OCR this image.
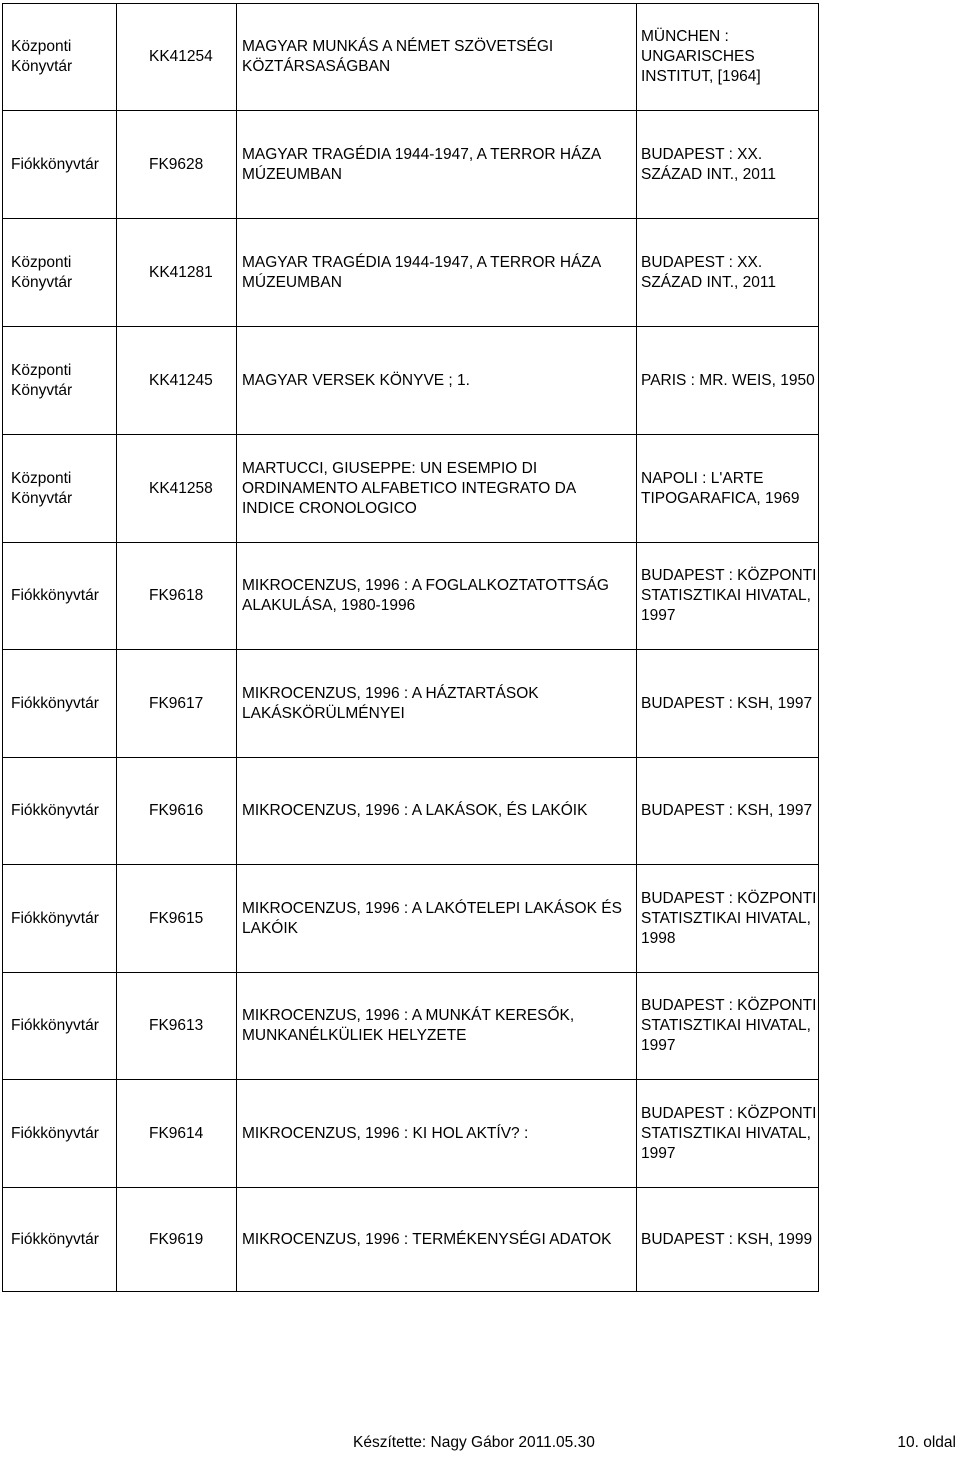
Központi Könyvtár	KK41254	MAGYAR MUNKÁS A NÉMET SZÖVETSÉGI KÖZTÁRSASÁGBAN	MÜNCHEN : UNGARISCHES INSTITUT, [1964]
Fiókkönyvtár	FK9628	MAGYAR TRAGÉDIA 1944-1947, A TERROR HÁZA MÚZEUMBAN	BUDAPEST : XX. SZÁZAD INT., 2011
Központi Könyvtár	KK41281	MAGYAR TRAGÉDIA 1944-1947, A TERROR HÁZA MÚZEUMBAN	BUDAPEST : XX. SZÁZAD INT., 2011
Központi Könyvtár	KK41245	MAGYAR VERSEK KÖNYVE ; 1.	PARIS : MR. WEIS, 1950
Központi Könyvtár	KK41258	MARTUCCI, GIUSEPPE: UN ESEMPIO DI ORDINAMENTO ALFABETICO INTEGRATO DA INDICE CRONOLOGICO	NAPOLI : L'ARTE TIPOGARAFICA, 1969
Fiókkönyvtár	FK9618	MIKROCENZUS, 1996 : A FOGLALKOZTATOTTSÁG ALAKULÁSA, 1980-1996	BUDAPEST : KÖZPONTI STATISZTIKAI HIVATAL, 1997
Fiókkönyvtár	FK9617	MIKROCENZUS, 1996 : A HÁZTARTÁSOK LAKÁSKÖRÜLMÉNYEI	BUDAPEST : KSH, 1997
Fiókkönyvtár	FK9616	MIKROCENZUS, 1996 : A LAKÁSOK, ÉS LAKÓIK	BUDAPEST : KSH, 1997
Fiókkönyvtár	FK9615	MIKROCENZUS, 1996 : A LAKÓTELEPI LAKÁSOK ÉS LAKÓIK	BUDAPEST : KÖZPONTI STATISZTIKAI HIVATAL, 1998
Fiókkönyvtár	FK9613	MIKROCENZUS, 1996 : A MUNKÁT KERESŐK, MUNKANÉLKÜLIEK HELYZETE	BUDAPEST : KÖZPONTI STATISZTIKAI HIVATAL, 1997
Fiókkönyvtár	FK9614	MIKROCENZUS, 1996 : KI HOL AKTÍV? :	BUDAPEST : KÖZPONTI STATISZTIKAI HIVATAL, 1997
Fiókkönyvtár	FK9619	MIKROCENZUS, 1996 : TERMÉKENYSÉGI ADATOK	BUDAPEST : KSH, 1999
Készítette: Nagy Gábor 2011.05.30	10. oldal
